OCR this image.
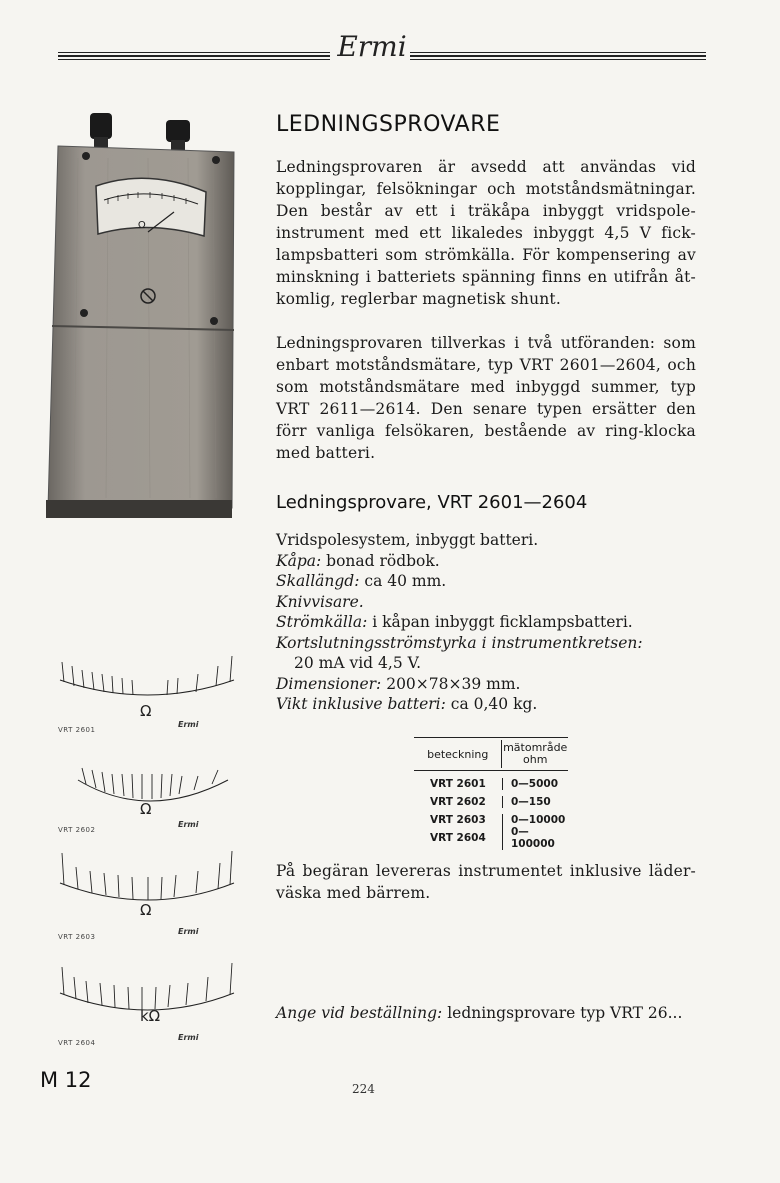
Ermi
Ω
Ω
VRT 2601
Ermi
Ω
VRT 2602
Ermi
Ω
VRT 2603
Ermi
kΩ
VRT 2604
Ermi
M 12
LEDNINGSPROVARE

Ledningsprovaren är avsedd att användas vid kopplingar, felsökningar och motståndsmätningar. Den består av ett i träkåpa inbyggt vridspole-instrument med ett likaledes inbyggt 4,5 V fick-lampsbatteri som strömkälla. För kompensering av minskning i batteriets spänning finns en utifrån åt-komlig, reglerbar magnetisk shunt.

Ledningsprovaren tillverkas i två utföranden: som enbart motståndsmätare, typ VRT 2601—2604, och som motståndsmätare med inbyggd summer, typ VRT 2611—2614. Den senare typen ersätter den förr vanliga felsökaren, bestående av ring-klocka med batteri.

Ledningsprovare, VRT 2601—2604

Vridspolesystem, inbyggt batteri.

Kåpa: bonad rödbok.

Skallängd: ca 40 mm.

Knivvisare.

Strömkälla: i kåpan inbyggt ficklampsbatteri.

Kortslutningsströmstyrka i instrumentkretsen:

20 mA vid 4,5 V.

Dimensioner: 200×78×39 mm.

Vikt inklusive batteri: ca 0,40 kg.

beteckning	mätområde
ohm
VRT 2601	0—5000
VRT 2602	0—150
VRT 2603	0—10000
VRT 2604	0—100000

På begäran levereras instrumentet inklusive läder-väska med bärrem.

Ange vid beställning: ledningsprovare typ VRT 26...

224
